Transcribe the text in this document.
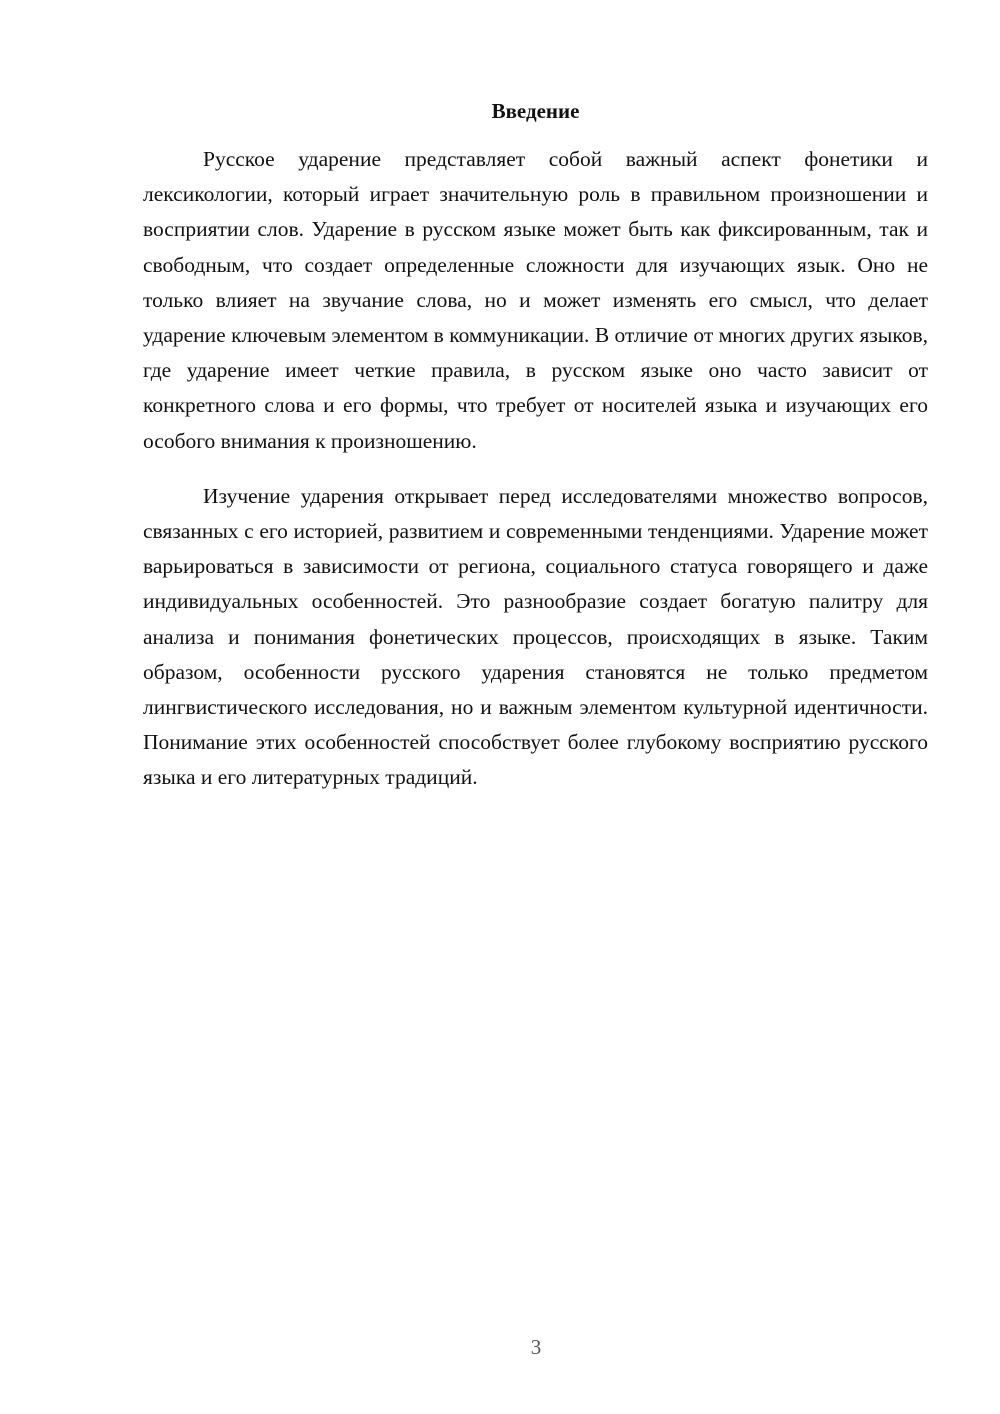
Введение

Русское ударение представляет собой важный аспект фонетики и лексикологии, который играет значительную роль в правильном произношении и восприятии слов. Ударение в русском языке может быть как фиксированным, так и свободным, что создает определенные сложности для изучающих язык. Оно не только влияет на звучание слова, но и может изменять его смысл, что делает ударение ключевым элементом в коммуникации. В отличие от многих других языков, где ударение имеет четкие правила, в русском языке оно часто зависит от конкретного слова и его формы, что требует от носителей языка и изучающих его особого внимания к произношению.

Изучение ударения открывает перед исследователями множество вопросов, связанных с его историей, развитием и современными тенденциями. Ударение может варьироваться в зависимости от региона, социального статуса говорящего и даже индивидуальных особенностей. Это разнообразие создает богатую палитру для анализа и понимания фонетических процессов, происходящих в языке. Таким образом, особенности русского ударения становятся не только предметом лингвистического исследования, но и важным элементом культурной идентичности. Понимание этих особенностей способствует более глубокому восприятию русского языка и его литературных традиций.

3
